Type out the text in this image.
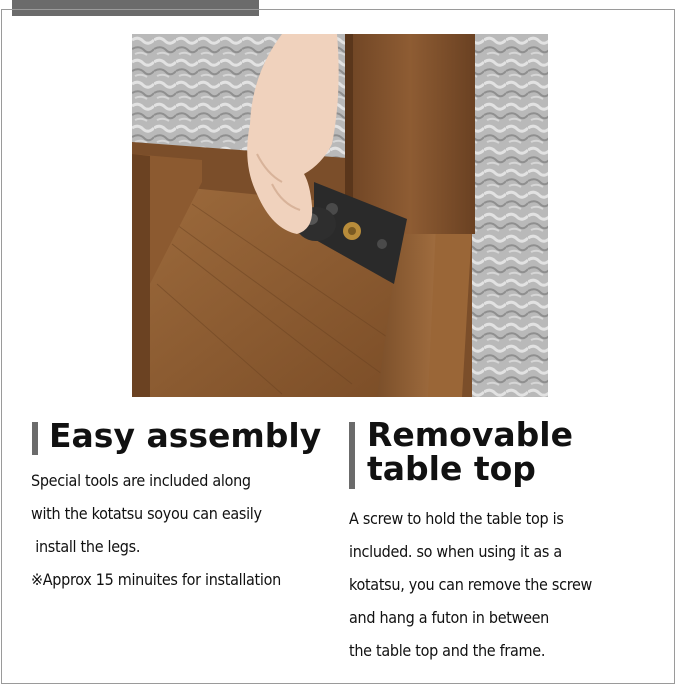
Easy assembly
Special tools are included along
with the kotatsu soyou can easily
install the legs.
※Approx 15 minuites for installation
Removable
table top
A screw to hold the table top is
included. so when using it as a
kotatsu, you can remove the screw
and hang a futon in between
the table top and the frame.
